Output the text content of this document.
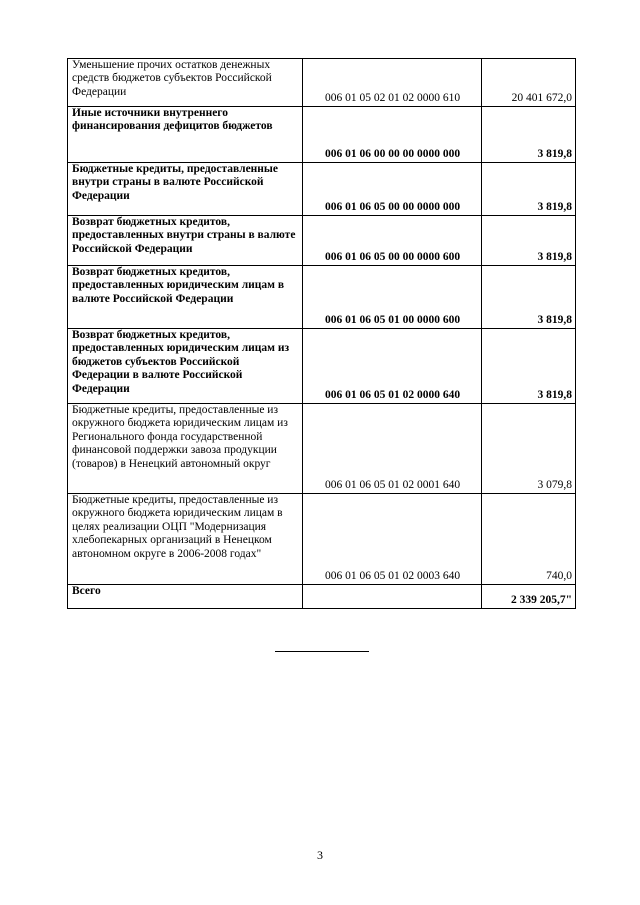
Уменьшение прочих остатков денежных средств бюджетов субъектов Российской Федерации	006 01 05 02 01 02 0000 610	20 401 672,0
Иные источники внутреннего финансирования дефицитов бюджетов	006 01 06 00 00 00 0000 000	3 819,8
Бюджетные кредиты, предоставленные внутри страны в валюте Российской Федерации	006 01 06 05 00 00 0000 000	3 819,8
Возврат бюджетных кредитов, предоставленных внутри страны в валюте Российской Федерации	006 01 06 05 00 00 0000 600	3 819,8
Возврат бюджетных кредитов, предоставленных юридическим лицам в валюте Российской Федерации	006 01 06 05 01 00 0000 600	3 819,8
Возврат бюджетных кредитов, предоставленных юридическим лицам из бюджетов субъектов Российской Федерации в валюте Российской Федерации	006 01 06 05 01 02 0000 640	3 819,8
Бюджетные кредиты, предоставленные из окружного бюджета юридическим лицам из Регионального фонда государственной финансовой поддержки завоза продукции (товаров) в Ненецкий автономный округ	006 01 06 05 01 02 0001 640	3 079,8
Бюджетные кредиты, предоставленные из окружного бюджета юридическим лицам в целях реализации ОЦП "Модернизация хлебопекарных организаций в Ненецком автономном округе в 2006-2008 годах"	006 01 06 05 01 02 0003 640	740,0
Всего		2 339 205,7"
3
